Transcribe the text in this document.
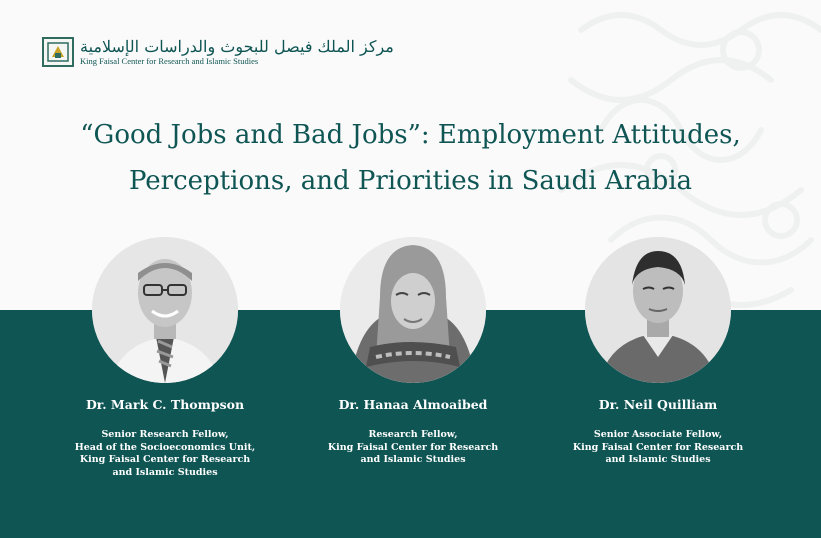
مركز الملك فيصل للبحوث والدراسات الإسلامية
King Faisal Center for Research and Islamic Studies
“Good Jobs and Bad Jobs”: Employment Attitudes,
Perceptions, and Priorities in Saudi Arabia
Dr. Mark C. Thompson
Senior Research Fellow,
Head of the Socioeconomics Unit,
King Faisal Center for Research
and Islamic Studies
Dr. Hanaa Almoaibed
Research Fellow,
King Faisal Center for Research
and Islamic Studies
Dr. Neil Quilliam
Senior Associate Fellow,
King Faisal Center for Research
and Islamic Studies
